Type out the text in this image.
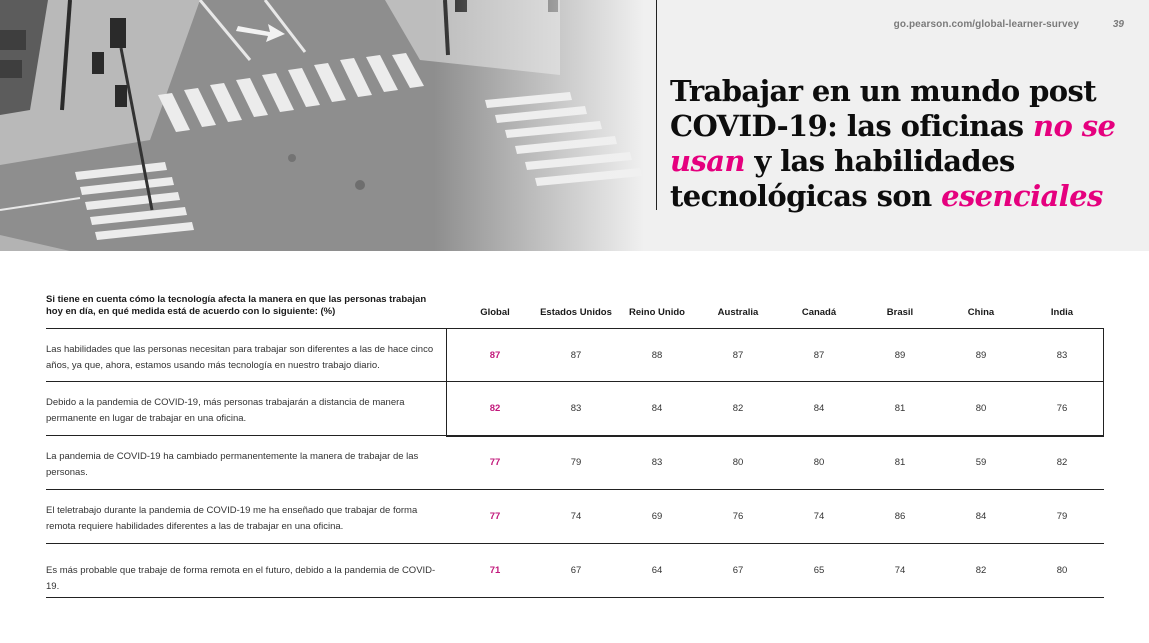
go.pearson.com/global-learner-survey	39
Trabajar en un mundo post COVID-19: las oficinas no se usan y las habilidades tecnológicas son esenciales
Si tiene en cuenta cómo la tecnología afecta la manera en que las personas trabajan hoy en día, en qué medida está de acuerdo con lo siguiente: (%)	Global	Estados Unidos	Reino Unido	Australia	Canadá	Brasil	China	India
Las habilidades que las personas necesitan para trabajar son diferentes a las de hace cinco años, ya que, ahora, estamos usando más tecnología en nuestro trabajo diario.
87	87	88	87	87	89	89	83
Debido a la pandemia de COVID-19, más personas trabajarán a distancia de manera permanente en lugar de trabajar en una oficina.
82	83	84	82	84	81	80	76
La pandemia de COVID-19 ha cambiado permanentemente la manera de trabajar de las personas.
77	79	83	80	80	81	59	82
El teletrabajo durante la pandemia de COVID-19 me ha enseñado que trabajar de forma remota requiere habilidades diferentes a las de trabajar en una oficina.
77	74	69	76	74	86	84	79
Es más probable que trabaje de forma remota en el futuro, debido a la pandemia de COVID-19.
71	67	64	67	65	74	82	80
